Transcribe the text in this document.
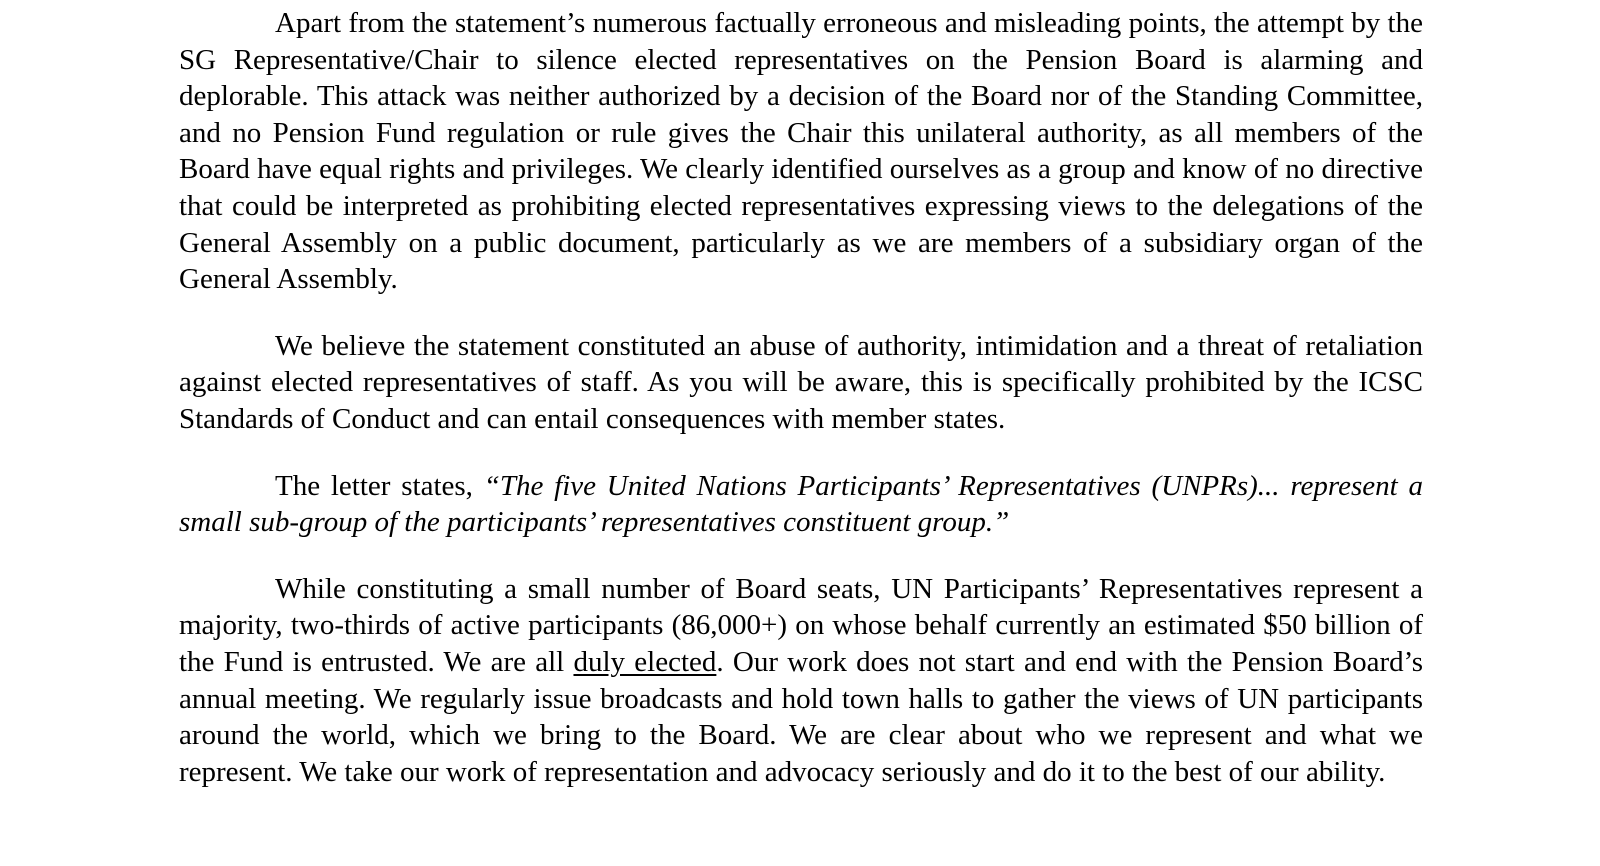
Apart from the statement’s numerous factually erroneous and misleading points, the attempt by the SG Representative/Chair to silence elected representatives on the Pension Board is alarming and deplorable. This attack was neither authorized by a decision of the Board nor of the Standing Committee, and no Pension Fund regulation or rule gives the Chair this unilateral authority, as all members of the Board have equal rights and privileges. We clearly identified ourselves as a group and know of no directive that could be interpreted as prohibiting elected representatives expressing views to the delegations of the General Assembly on a public document, particularly as we are members of a subsidiary organ of the General Assembly.

We believe the statement constituted an abuse of authority, intimidation and a threat of retaliation against elected representatives of staff. As you will be aware, this is specifically prohibited by the ICSC Standards of Conduct and can entail consequences with member states.

The letter states, “The five United Nations Participants’ Representatives (UNPRs)... represent a small sub-group of the participants’ representatives constituent group.”

While constituting a small number of Board seats, UN Participants’ Representatives represent a majority, two-thirds of active participants (86,000+) on whose behalf currently an estimated $50 billion of the Fund is entrusted. We are all duly elected. Our work does not start and end with the Pension Board’s annual meeting. We regularly issue broadcasts and hold town halls to gather the views of UN participants around the world, which we bring to the Board. We are clear about who we represent and what we represent. We take our work of representation and advocacy seriously and do it to the best of our ability.
